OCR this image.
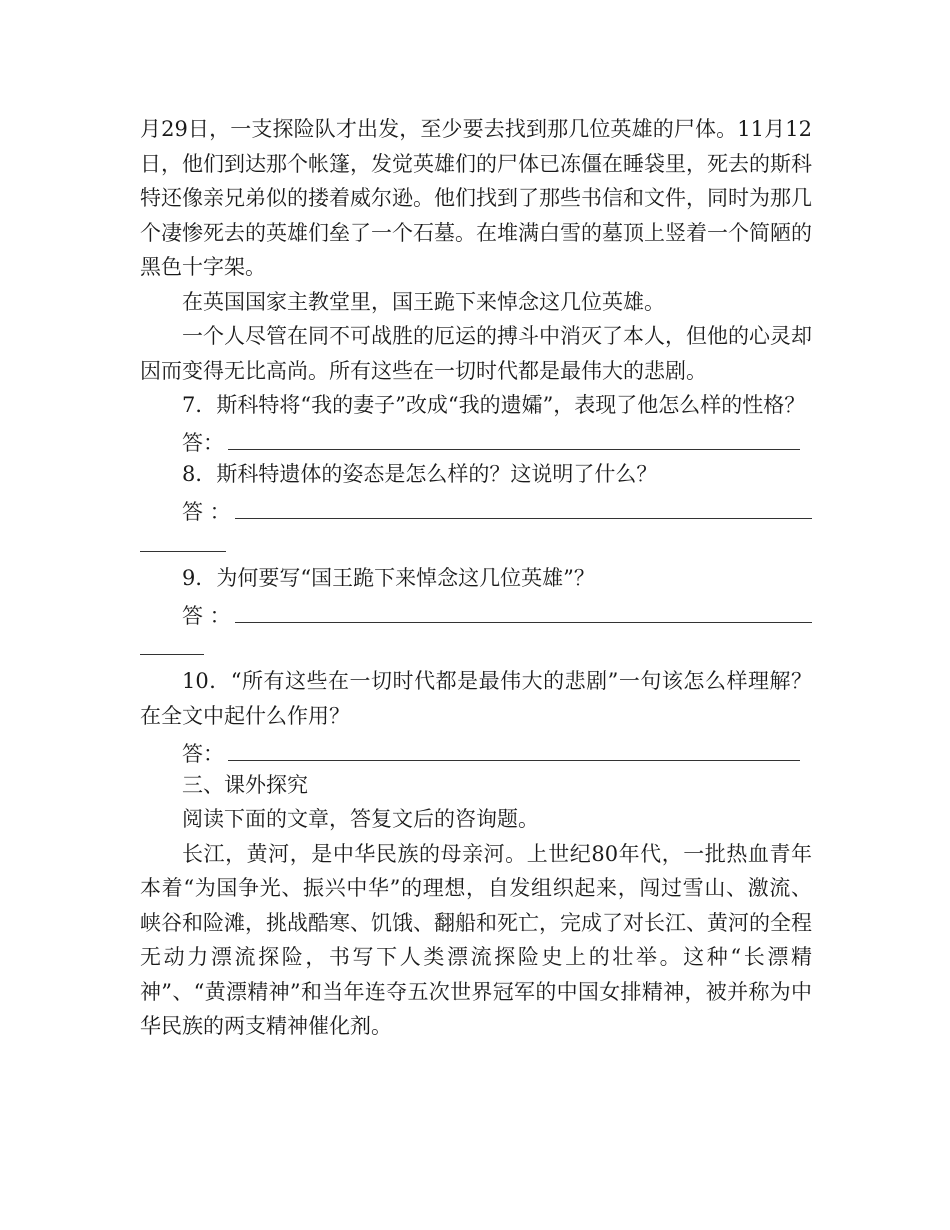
月29日，一支探险队才出发，至少要去找到那几位英雄的尸体。11月12日，他们到达那个帐篷，发觉英雄们的尸体已冻僵在睡袋里，死去的斯科特还像亲兄弟似的搂着威尔逊。他们找到了那些书信和文件，同时为那几个凄惨死去的英雄们垒了一个石墓。在堆满白雪的墓顶上竖着一个简陋的黑色十字架。

在英国国家主教堂里，国王跪下来悼念这几位英雄。

一个人尽管在同不可战胜的厄运的搏斗中消灭了本人，但他的心灵却因而变得无比高尚。所有这些在一切时代都是最伟大的悲剧。

7．斯科特将“我的妻子”改成“我的遗孀”，表现了他怎么样的性格？

答：

8．斯科特遗体的姿态是怎么样的？这说明了什么？

答 ：

9．为何要写“国王跪下来悼念这几位英雄”？

答 ：

10．“所有这些在一切时代都是最伟大的悲剧”一句该怎么样理解？在全文中起什么作用？

答：

三、课外探究

阅读下面的文章，答复文后的咨询题。

长江，黄河，是中华民族的母亲河。上世纪80年代，一批热血青年本着“为国争光、振兴中华”的理想，自发组织起来，闯过雪山、激流、峡谷和险滩，挑战酷寒、饥饿、翻船和死亡，完成了对长江、黄河的全程无动力漂流探险，书写下人类漂流探险史上的壮举。这种“长漂精神”、“黄漂精神”和当年连夺五次世界冠军的中国女排精神，被并称为中华民族的两支精神催化剂。
